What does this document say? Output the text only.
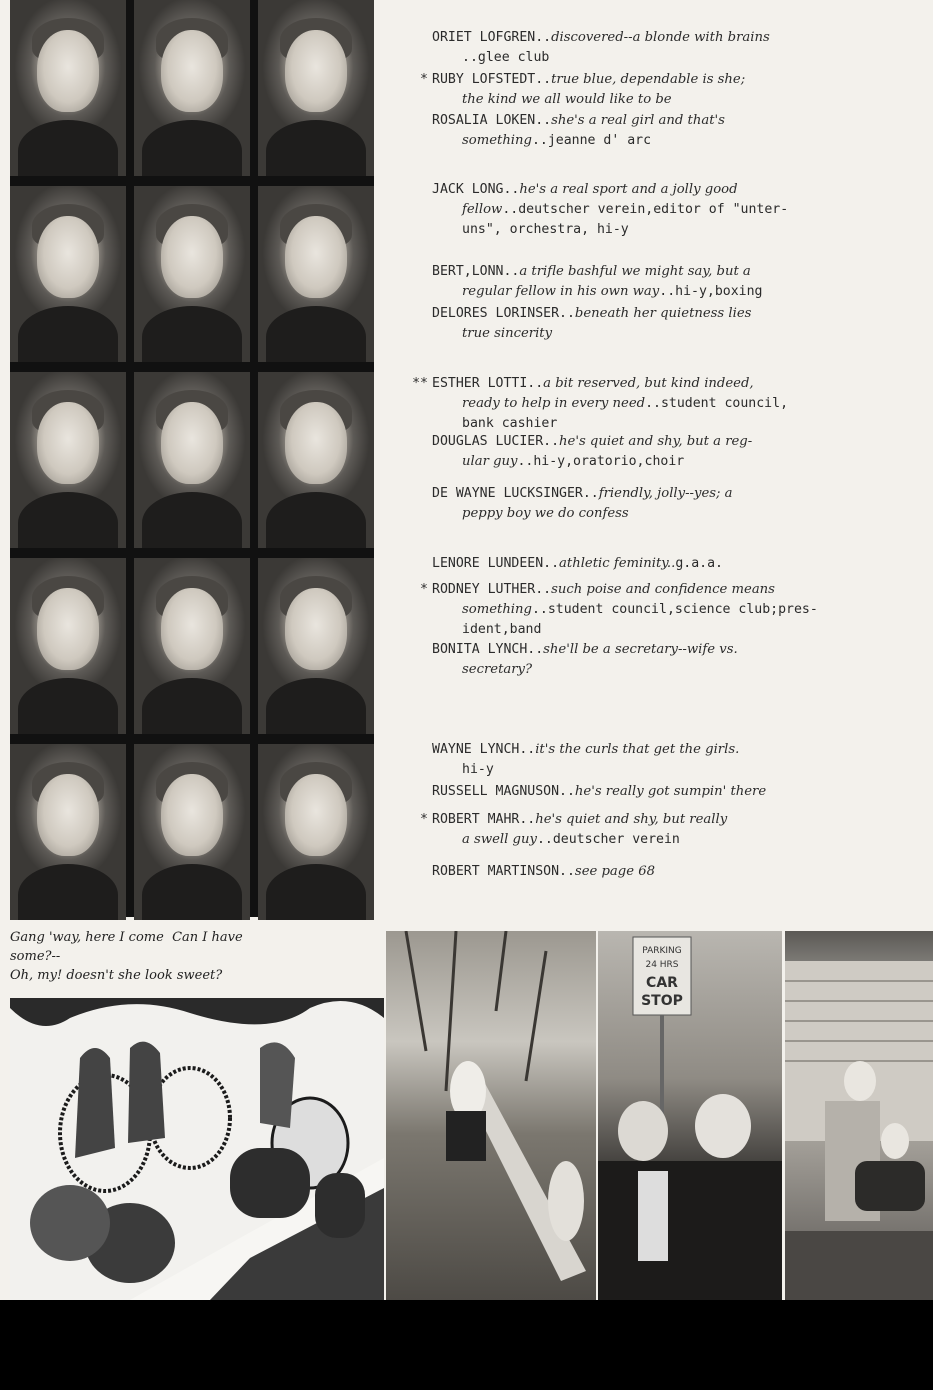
ORIET LOFGREN..discovered--a blonde with brains
..glee club
* RUBY LOFSTEDT..true blue, dependable is she;
the kind we all would like to be
ROSALIA LOKEN..she's a real girl and that's
something..jeanne d' arc
JACK LONG..he's a real sport and a jolly good
fellow..deutscher verein,editor of "unter-
uns", orchestra, hi-y
BERT,LONN..a trifle bashful we might say, but a
regular fellow in his own way..hi-y,boxing
DELORES LORINSER..beneath her quietness lies
true sincerity
** ESTHER LOTTI..a bit reserved, but kind indeed,
ready to help in every need..student council,
bank cashier
DOUGLAS LUCIER..he's quiet and shy, but a reg-
ular guy..hi-y,oratorio,choir
DE WAYNE LUCKSINGER..friendly, jolly--yes; a
peppy boy we do confess
LENORE LUNDEEN..athletic feminity..g.a.a.
* RODNEY LUTHER..such poise and confidence means
something..student council,science club;pres-
ident,band
BONITA LYNCH..she'll be a secretary--wife vs.
secretary?
WAYNE LYNCH..it's the curls that get the girls.
hi-y
RUSSELL MAGNUSON..he's really got sumpin' there
* ROBERT MAHR..he's quiet and shy, but really
a swell guy..deutscher verein
ROBERT MARTINSON..see page 68
Gang 'way, here I come Can I have
some?--
Oh, my! doesn't she look sweet?
PARKING
24 HRS
CAR
STOP
